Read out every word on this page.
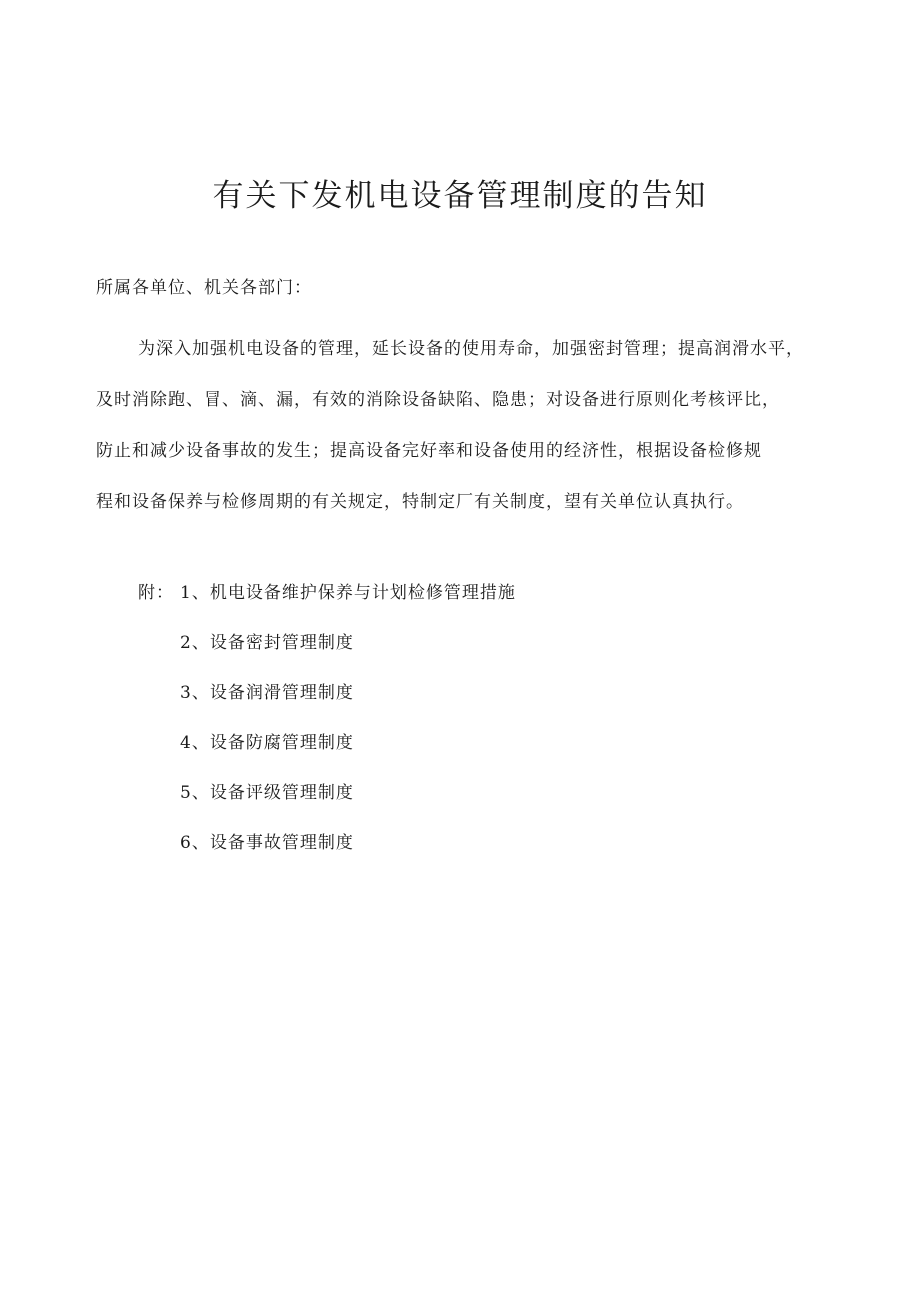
有关下发机电设备管理制度的告知
所属各单位、机关各部门：

为深入加强机电设备的管理，延长设备的使用寿命，加强密封管理；提高润滑水平，
及时消除跑、冒、滴、漏，有效的消除设备缺陷、隐患；对设备进行原则化考核评比，
防止和减少设备事故的发生；提高设备完好率和设备使用的经济性，根据设备检修规
程和设备保养与检修周期的有关规定，特制定厂有关制度，望有关单位认真执行。

附： 1、机电设备维护保养与计划检修管理措施
2、设备密封管理制度
3、设备润滑管理制度
4、设备防腐管理制度
5、设备评级管理制度
6、设备事故管理制度
